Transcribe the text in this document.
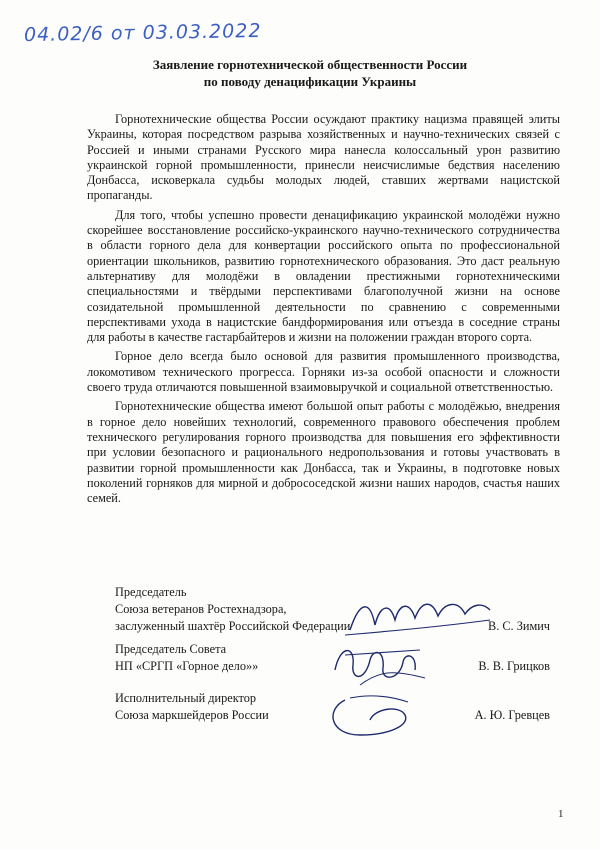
04.02/6 от 03.03.2022
Заявление горнотехнической общественности России
по поводу денацификации Украины

Горнотехнические общества России осуждают практику нацизма правящей элиты Украины, которая посредством разрыва хозяйственных и научно-технических связей с Россией и иными странами Русского мира нанесла колоссальный урон развитию украинской горной промышленности, принесли неисчислимые бедствия населению Донбасса, исковеркала судьбы молодых людей, ставших жертвами нацистской пропаганды.

Для того, чтобы успешно провести денацификацию украинской молодёжи нужно скорейшее восстановление российско-украинского научно-технического сотрудничества в области горного дела для конвертации российского опыта по профессиональной ориентации школьников, развитию горнотехнического образования. Это даст реальную альтернативу для молодёжи в овладении престижными горнотехническими специальностями и твёрдыми перспективами благополучной жизни на основе созидательной промышленной деятельности по сравнению с современными перспективами ухода в нацистские бандформирования или отъезда в соседние страны для работы в качестве гастарбайтеров и жизни на положении граждан второго сорта.

Горное дело всегда было основой для развития промышленного производства, локомотивом технического прогресса. Горняки из-за особой опасности и сложности своего труда отличаются повышенной взаимовыручкой и социальной ответственностью.

Горнотехнические общества имеют большой опыт работы с молодёжью, внедрения в горное дело новейших технологий, современного правового обеспечения проблем технического регулирования горного производства для повышения его эффективности при условии безопасного и рационального недропользования и готовы участвовать в развитии горной промышленности как Донбасса, так и Украины, в подготовке новых поколений горняков для мирной и добрососедской жизни наших народов, счастья наших семей.

Председатель
Союза ветеранов Ростехнадзора,
заслуженный шахтёр Российской Федерации	В. С. Зимич
Председатель Совета
НП «СРГП «Горное дело»»	В. В. Грицков
Исполнительный директор
Союза маркшейдеров России	А. Ю. Гревцев
1
